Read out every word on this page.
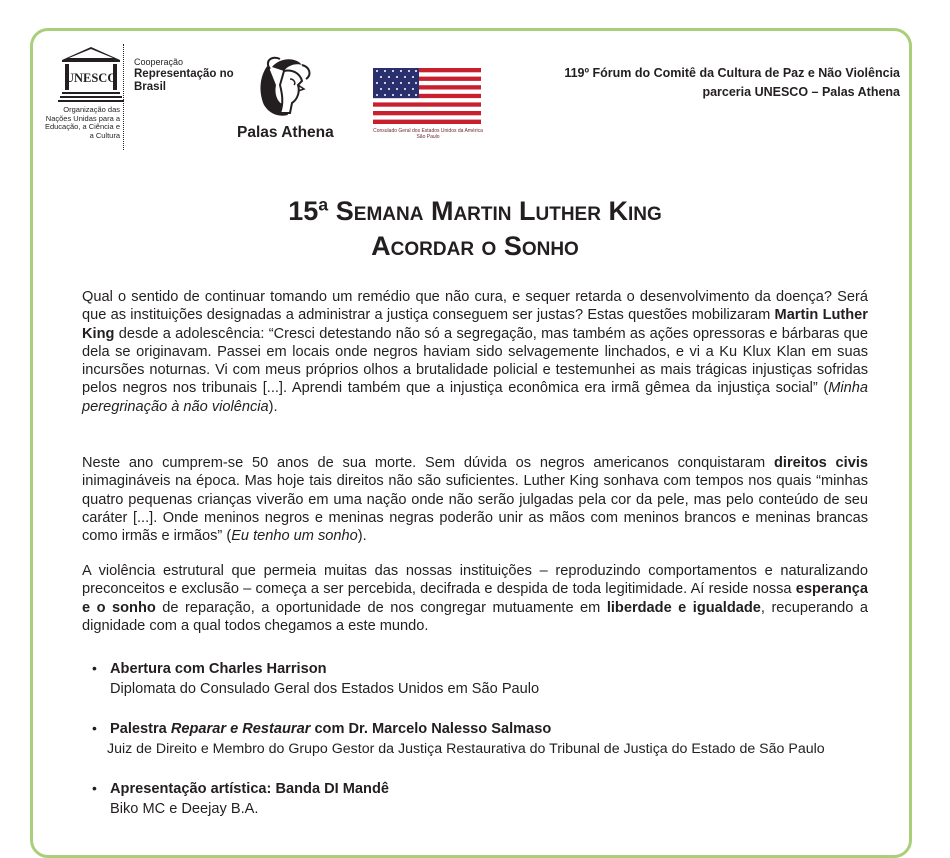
UNESCO
Organização das Nações Unidas para a Educação, a Ciência e a Cultura
Cooperação
Representação no Brasil
Palas Athena	Consulado Geral dos Estados Unidos da América São Paulo
119º Fórum do Comitê da Cultura de Paz e Não Violência
parceria UNESCO – Palas Athena
15ª Semana Martin Luther King
Acordar o Sonho
Qual o sentido de continuar tomando um remédio que não cura, e sequer retarda o desenvolvimento da doença? Será que as instituições designadas a administrar a justiça conseguem ser justas? Estas questões mobilizaram Martin Luther King desde a adolescência: “Cresci detestando não só a segregação, mas também as ações opressoras e bárbaras que dela se originavam. Passei em locais onde negros haviam sido selvagemente linchados, e vi a Ku Klux Klan em suas incursões noturnas. Vi com meus próprios olhos a brutalidade policial e testemunhei as mais trágicas injustiças sofridas pelos negros nos tribunais [...]. Aprendi também que a injustiça econômica era irmã gêmea da injustiça social” (Minha peregrinação à não violência).
Neste ano cumprem-se 50 anos de sua morte. Sem dúvida os negros americanos conquistaram direitos civis inimagináveis na época. Mas hoje tais direitos não são suficientes. Luther King sonhava com tempos nos quais “minhas quatro pequenas crianças viverão em uma nação onde não serão julgadas pela cor da pele, mas pelo conteúdo de seu caráter [...]. Onde meninos negros e meninas negras poderão unir as mãos com meninos brancos e meninas brancas como irmãs e irmãos” (Eu tenho um sonho).
A violência estrutural que permeia muitas das nossas instituições – reproduzindo comportamentos e naturalizando preconceitos e exclusão – começa a ser percebida, decifrada e despida de toda legitimidade. Aí reside nossa esperança e o sonho de reparação, a oportunidade de nos congregar mutuamente em liberdade e igualdade, recuperando a dignidade com a qual todos chegamos a este mundo.
• Abertura com Charles Harrison
Diplomata do Consulado Geral dos Estados Unidos em São Paulo
• Palestra Reparar e Restaurar com Dr. Marcelo Nalesso Salmaso
Juiz de Direito e Membro do Grupo Gestor da Justiça Restaurativa do Tribunal de Justiça do Estado de São Paulo
• Apresentação artística: Banda DI Mandê
Biko MC e Deejay B.A.
